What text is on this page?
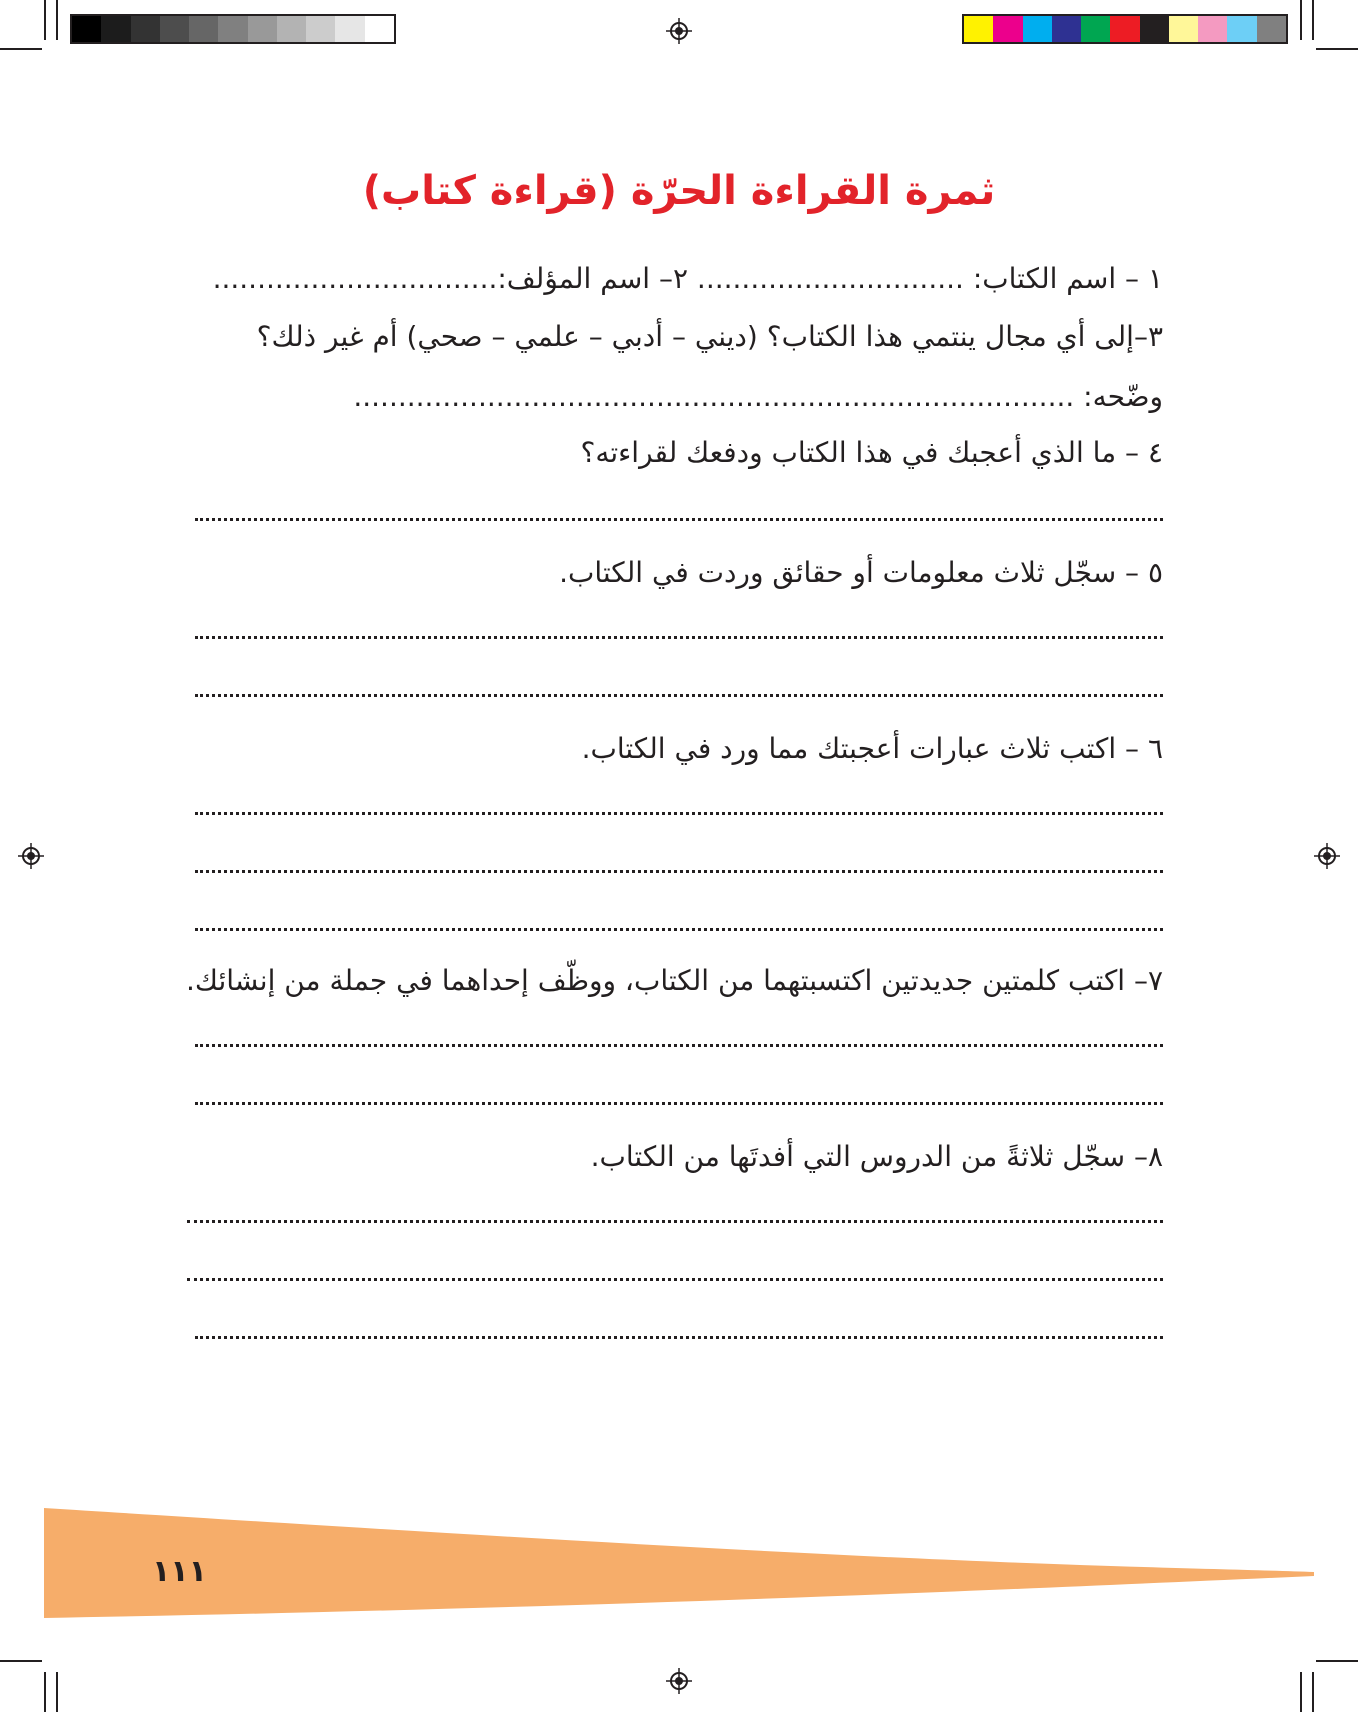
ثمرة القراءة الحرّة (قراءة كتاب)
١ – اسم الكتاب: .............................. ٢– اسم المؤلف:................................
٣–إلى أي مجال ينتمي هذا الكتاب؟ (ديني – أدبي – علمي – صحي) أم غير ذلك؟
وضّحه: .................................................................................
٤ – ما الذي أعجبك في هذا الكتاب ودفعك لقراءته؟
٥ – سجّل ثلاث معلومات أو حقائق وردت في الكتاب.
٦ – اكتب ثلاث عبارات أعجبتك مما ورد في الكتاب.
٧– اكتب كلمتين جديدتين اكتسبتهما من الكتاب، ووظّف إحداهما في جملة من إنشائك.
٨– سجّل ثلاثةً من الدروس التي أفدتَها من الكتاب.
١١١
